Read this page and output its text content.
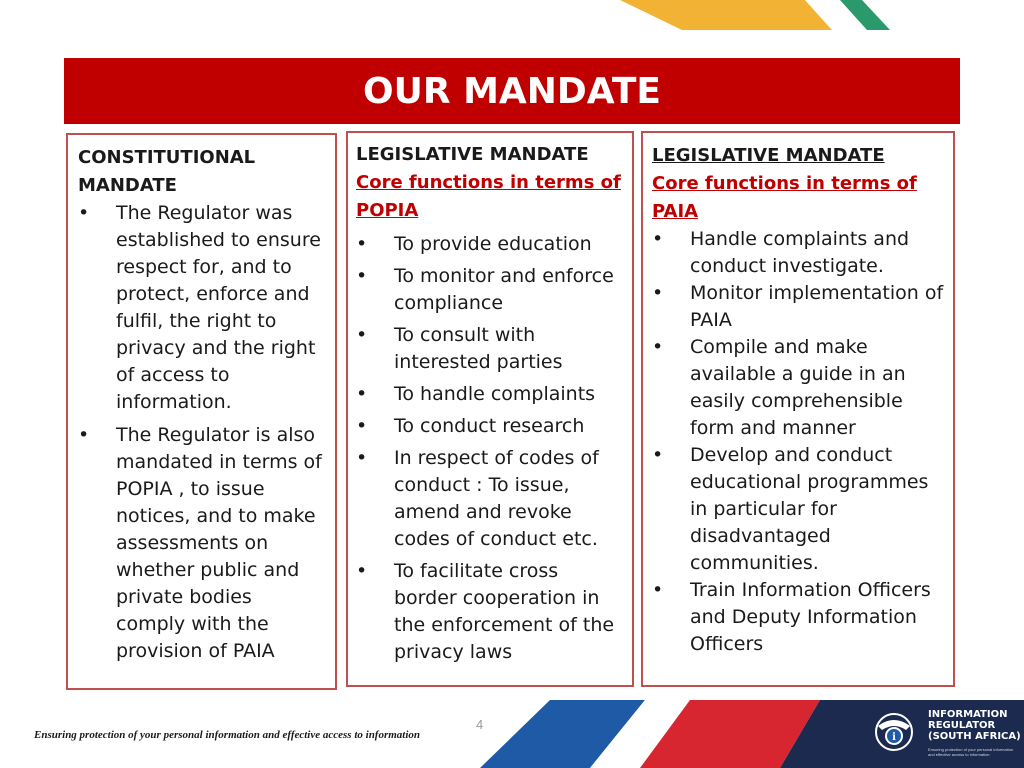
OUR MANDATE
CONSTITUTIONAL MANDATE
• The Regulator was established to ensure respect for, and to protect, enforce and fulfil, the right to privacy and the right of access to information.
• The Regulator is also mandated in terms of POPIA , to issue notices, and to make assessments on whether public and private bodies comply with the provision of PAIA
LEGISLATIVE MANDATE
Core functions in terms of POPIA
• To provide education
• To monitor and enforce compliance
• To consult with interested parties
• To handle complaints
• To conduct research
• In respect of codes of conduct : To issue, amend and revoke codes of conduct etc.
• To facilitate cross border cooperation in the enforcement of the privacy laws
LEGISLATIVE MANDATE
Core functions in terms of PAIA
• Handle complaints and conduct investigate.
• Monitor implementation of PAIA
• Compile and make available a guide in an easily comprehensible form and manner
• Develop and conduct educational programmes in particular for disadvantaged communities.
• Train Information Officers and Deputy Information Officers
4
Ensuring protection of your personal information and effective access to information	i
INFORMATION
REGULATOR
(SOUTH AFRICA)
Ensuring protection of your personal information and effective access to information
